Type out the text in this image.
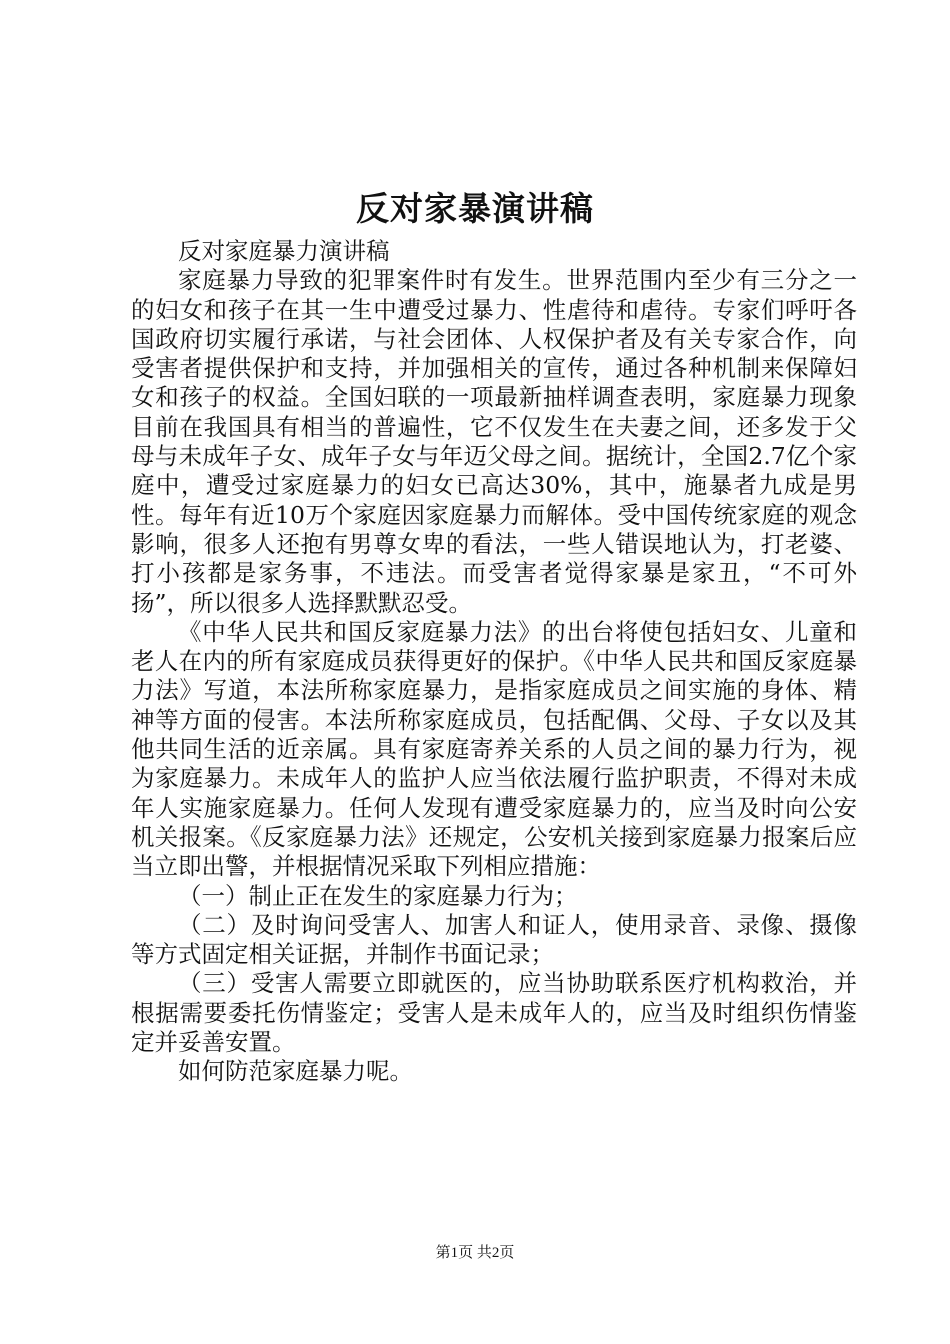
反对家暴演讲稿

反对家庭暴力演讲稿

家庭暴力导致的犯罪案件时有发生。世界范围内至少有三分之一的妇女和孩子在其一生中遭受过暴力、性虐待和虐待。专家们呼吁各国政府切实履行承诺，与社会团体、人权保护者及有关专家合作，向受害者提供保护和支持，并加强相关的宣传，通过各种机制来保障妇女和孩子的权益。全国妇联的一项最新抽样调查表明，家庭暴力现象目前在我国具有相当的普遍性，它不仅发生在夫妻之间，还多发于父母与未成年子女、成年子女与年迈父母之间。据统计，全国2.7亿个家庭中，遭受过家庭暴力的妇女已高达30%，其中，施暴者九成是男性。每年有近10万个家庭因家庭暴力而解体。受中国传统家庭的观念影响，很多人还抱有男尊女卑的看法，一些人错误地认为，打老婆、打小孩都是家务事，不违法。而受害者觉得家暴是家丑，“不可外扬”，所以很多人选择默默忍受。

《中华人民共和国反家庭暴力法》的出台将使包括妇女、儿童和老人在内的所有家庭成员获得更好的保护。《中华人民共和国反家庭暴力法》写道，本法所称家庭暴力，是指家庭成员之间实施的身体、精神等方面的侵害。本法所称家庭成员，包括配偶、父母、子女以及其他共同生活的近亲属。具有家庭寄养关系的人员之间的暴力行为，视为家庭暴力。未成年人的监护人应当依法履行监护职责，不得对未成年人实施家庭暴力。任何人发现有遭受家庭暴力的，应当及时向公安机关报案。《反家庭暴力法》还规定，公安机关接到家庭暴力报案后应当立即出警，并根据情况采取下列相应措施：

（一）制止正在发生的家庭暴力行为；

（二）及时询问受害人、加害人和证人，使用录音、录像、摄像等方式固定相关证据，并制作书面记录；

（三）受害人需要立即就医的，应当协助联系医疗机构救治，并根据需要委托伤情鉴定；受害人是未成年人的，应当及时组织伤情鉴定并妥善安置。

如何防范家庭暴力呢。

第1页 共2页
